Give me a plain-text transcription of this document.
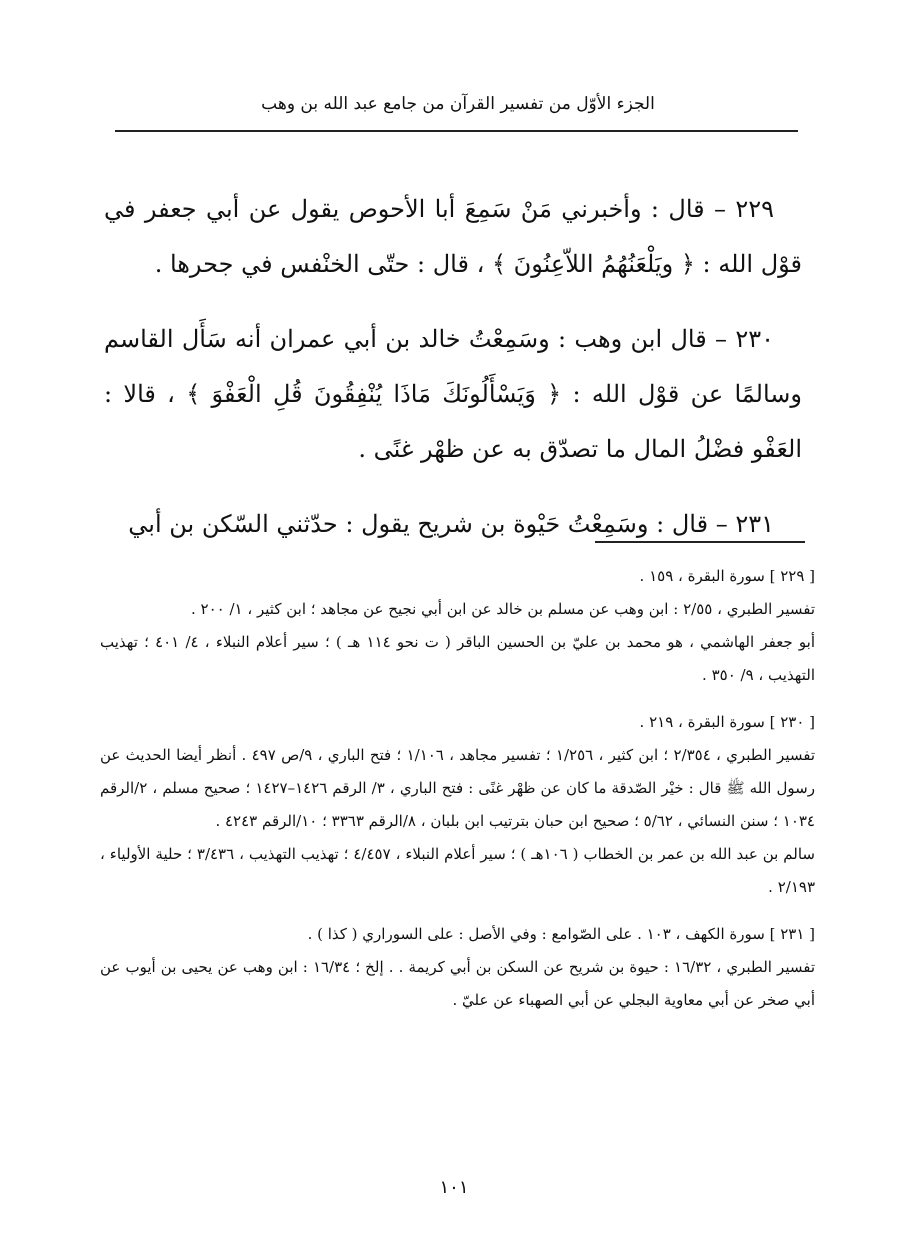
الجزء الأوّل من تفسير القرآن من جامع عبد الله بن وهب

٢٢٩ – قال : وأخبرني مَنْ سَمِعَ أبا الأحوص يقول عن أبي جعفر في قوْل الله : ﴿ ويَلْعَنُهُمُ اللاّعِنُونَ ﴾ ، قال : حتّى الخنْفس في جحرها .

٢٣٠ – قال ابن وهب : وسَمِعْتُ خالد بن أبي عمران أنه سَأَل القاسم وسالمًا عن قوْل الله : ﴿ وَيَسْأَلُونَكَ مَاذَا يُنْفِقُونَ قُلِ الْعَفْوَ ﴾ ، قالا : العَفْو فضْلُ المال ما تصدّق به عن ظهْر غنًى .

٢٣١ – قال : وسَمِعْتُ حَيْوة بن شريح يقول : حدّثني السّكن بن أبي

[ ٢٢٩ ] سورة البقرة ، ١٥٩ .

تفسير الطبري ، ٢/٥٥ : ابن وهب عن مسلم بن خالد عن ابن أبي نجيح عن مجاهد ؛ ابن كثير ، ١/ ٢٠٠ .

أبو جعفر الهاشمي ، هو محمد بن عليّ بن الحسين الباقر ( ت نحو ١١٤ هـ ) ؛ سير أعلام النبلاء ، ٤/ ٤٠١ ؛ تهذيب التهذيب ، ٩/ ٣٥٠ .

[ ٢٣٠ ] سورة البقرة ، ٢١٩ .

تفسير الطبري ، ٢/٣٥٤ ؛ ابن كثير ، ١/٢٥٦ ؛ تفسير مجاهد ، ١/١٠٦ ؛ فتح الباري ، ٩/ص ٤٩٧ . أنظر أيضا الحديث عن رسول الله ﷺ قال : خيْر الصّدقة ما كان عن ظهْر غنًى : فتح الباري ، ٣/ الرقم ١٤٢٦–١٤٢٧ ؛ صحيح مسلم ، ٢/الرقم ١٠٣٤ ؛ سنن النسائي ، ٥/٦٢ ؛ صحيح ابن حبان بترتيب ابن بلبان ، ٨/الرقم ٣٣٦٣ ؛ ١٠/الرقم ٤٢٤٣ .

سالم بن عبد الله بن عمر بن الخطاب ( ١٠٦هـ ) ؛ سير أعلام النبلاء ، ٤/٤٥٧ ؛ تهذيب التهذيب ، ٣/٤٣٦ ؛ حلية الأولياء ، ٢/١٩٣ .

[ ٢٣١ ] سورة الكهف ، ١٠٣ . على الصّوامع : وفي الأصل : على السوراري ( كذا ) .

تفسير الطبري ، ١٦/٣٢ : حيوة بن شريح عن السكن بن أبي كريمة . . إلخ ؛ ١٦/٣٤ : ابن وهب عن يحيى بن أيوب عن أبي صخر عن أبي معاوية البجلي عن أبي الصهباء عن عليّ .

١٠١
